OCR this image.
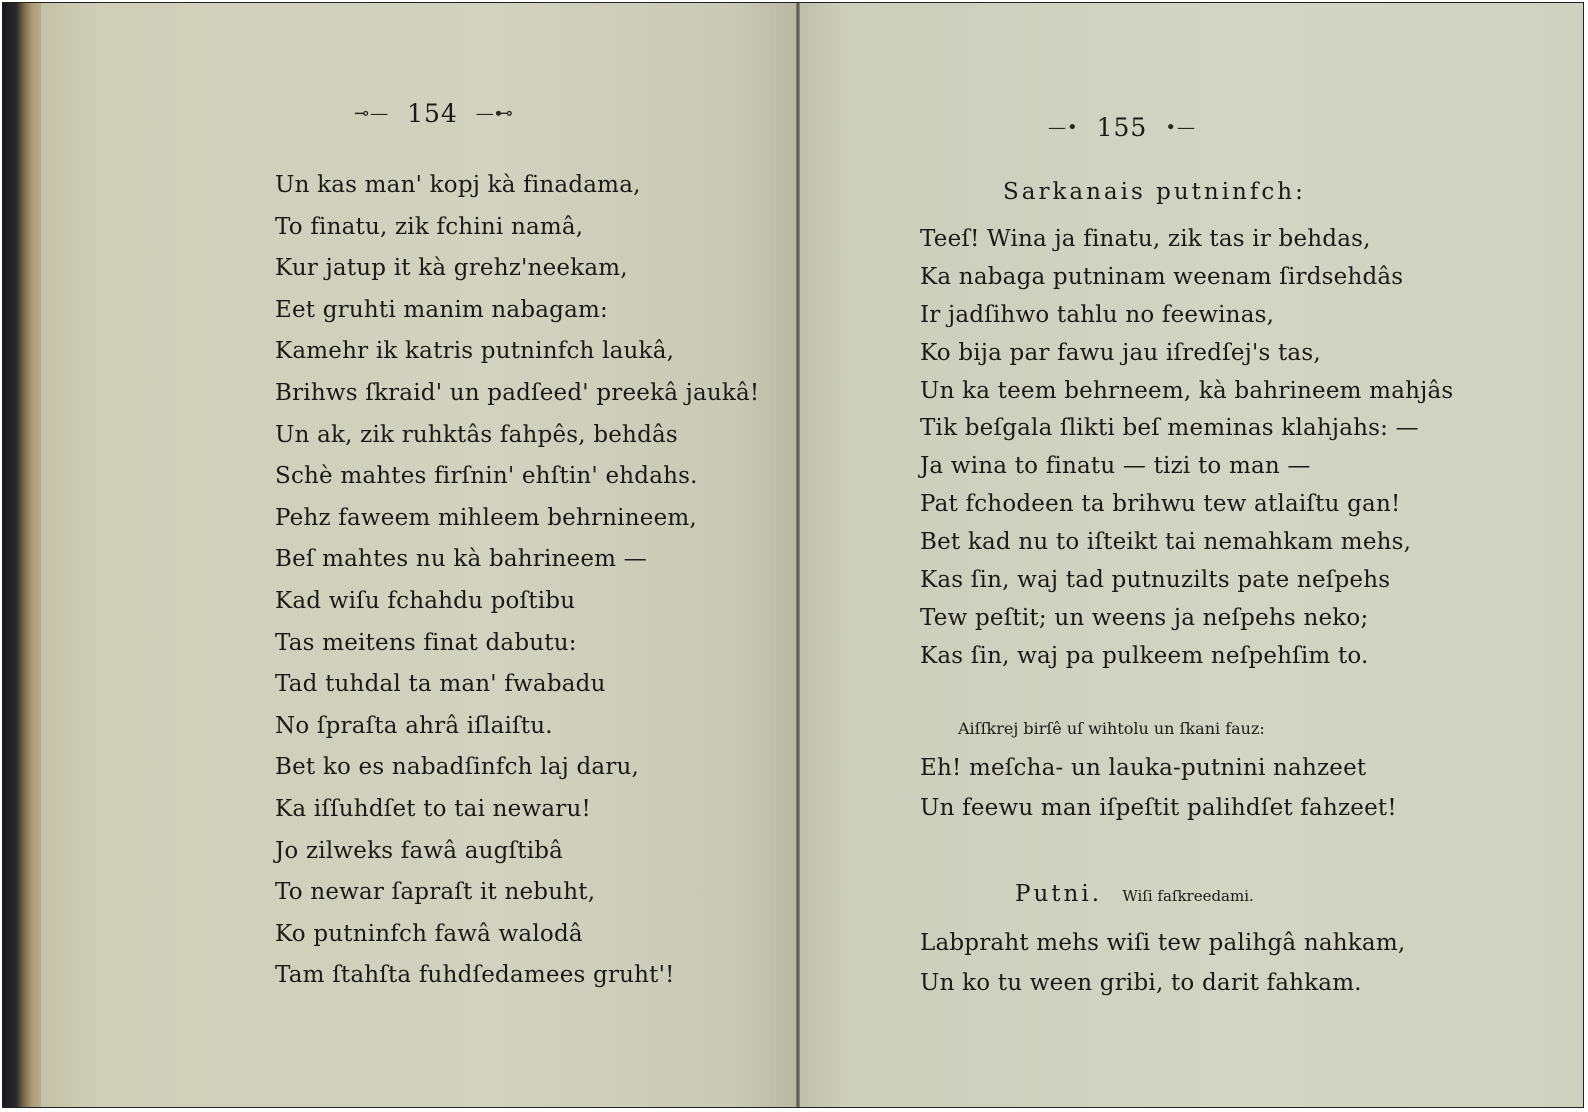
⊸— 154 —⊷
Un kas man' kopj kà finadama,
To finatu, zik fchini namâ,
Kur jatup it kà grehz'neekam,
Eet gruhti manim nabagam:
Kamehr ik katris putninfch laukâ,
Brihws ſkraid' un padſeed' preekâ jaukâ!
Un ak, zik ruhktâs fahpês, behdâs
Schè mahtes firſnin' ehſtin' ehdahs.
Pehz faweem mihleem behrnineem,
Beſ mahtes nu kà bahrineem —
Kad wiſu fchahdu poſtibu
Tas meitens finat dabutu:
Tad tuhdal ta man' fwabadu
No ſpraſta ahrâ iſlaiſtu.
Bet ko es nabadſinfch laj daru,
Ka iſſuhdſet to tai newaru!
Jo zilweks fawâ augſtibâ
To newar ſapraſt it nebuht,
Ko putninfch fawâ walodâ
Tam ſtahſta fuhdſedamees gruht'!
—• 155 •—
Sarkanais putninfch:
Teeſ! Wina ja finatu, zik tas ir behdas,
Ka nabaga putninam weenam ſirdsehdâs
Ir jadſihwo tahlu no feewinas,
Ko bija par fawu jau iſredſej's tas,
Un ka teem behrneem, kà bahrineem mahjâs
Tik beſgala ſlikti beſ meminas klahjahs: —
Ja wina to finatu — tizi to man —
Pat fchodeen ta brihwu tew atlaiſtu gan!
Bet kad nu to iſteikt tai nemahkam mehs,
Kas ſin, waj tad putnuzilts pate neſpehs
Tew peſtit; un weens ja neſpehs neko;
Kas ſin, waj pa pulkeem neſpehſim to.
Aiſſkrej birſê uſ wihtolu un ſkani fauz:
Eh! meſcha- un lauka-putnini nahzeet
Un feewu man iſpeſtit palihdſet fahzeet!
Putni. Wiſi faſkreedami.
Labpraht mehs wiſi tew palihgâ nahkam,
Un ko tu ween gribi, to darit fahkam.
